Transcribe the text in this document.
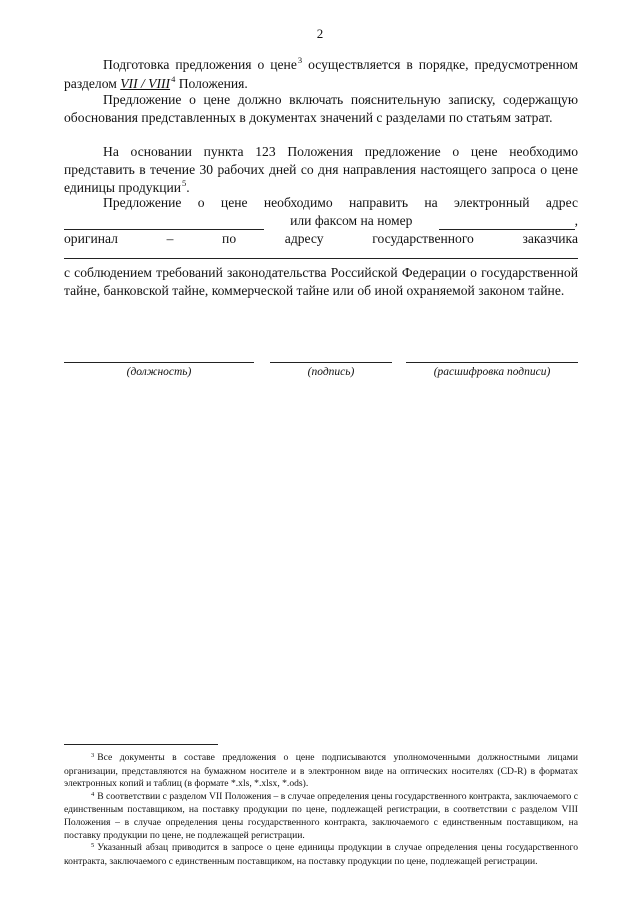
2

Подготовка предложения о цене$^3$ осуществляется в порядке, предусмотренном разделом VII / VIII$^4$ Положения.

Предложение о цене должно включать пояснительную записку, содержащую обоснования представленных в документах значений с разделами по статьям затрат.

На основании пункта 123 Положения предложение о цене необходимо представить в течение 30 рабочих дней со дня направления настоящего запроса о цене единицы продукции$^5$.

Предложение о цене необходимо направить на электронный адрес

или факсом на номер	,
оригинал	–	по	адресу	государственного	заказчика

с соблюдением требований законодательства Российской Федерации о государственной тайне, банковской тайне, коммерческой тайне или об иной охраняемой законом тайне.

(должность)	(подпись)	(расшифровка подписи)

$^3$ Все документы в составе предложения о цене подписываются уполномоченными должностными лицами организации, представляются на бумажном носителе и в электронном виде на оптических носителях (CD-R) в форматах электронных копий и таблиц (в формате *.xls, *.xlsx, *.ods).

$^4$ В соответствии с разделом VII Положения – в случае определения цены государственного контракта, заключаемого с единственным поставщиком, на поставку продукции по цене, подлежащей регистрации, в соответствии с разделом VIII Положения – в случае определения цены государственного контракта, заключаемого с единственным поставщиком, на поставку продукции по цене, не подлежащей регистрации.

$^5$ Указанный абзац приводится в запросе о цене единицы продукции в случае определения цены государственного контракта, заключаемого с единственным поставщиком, на поставку продукции по цене, подлежащей регистрации.
